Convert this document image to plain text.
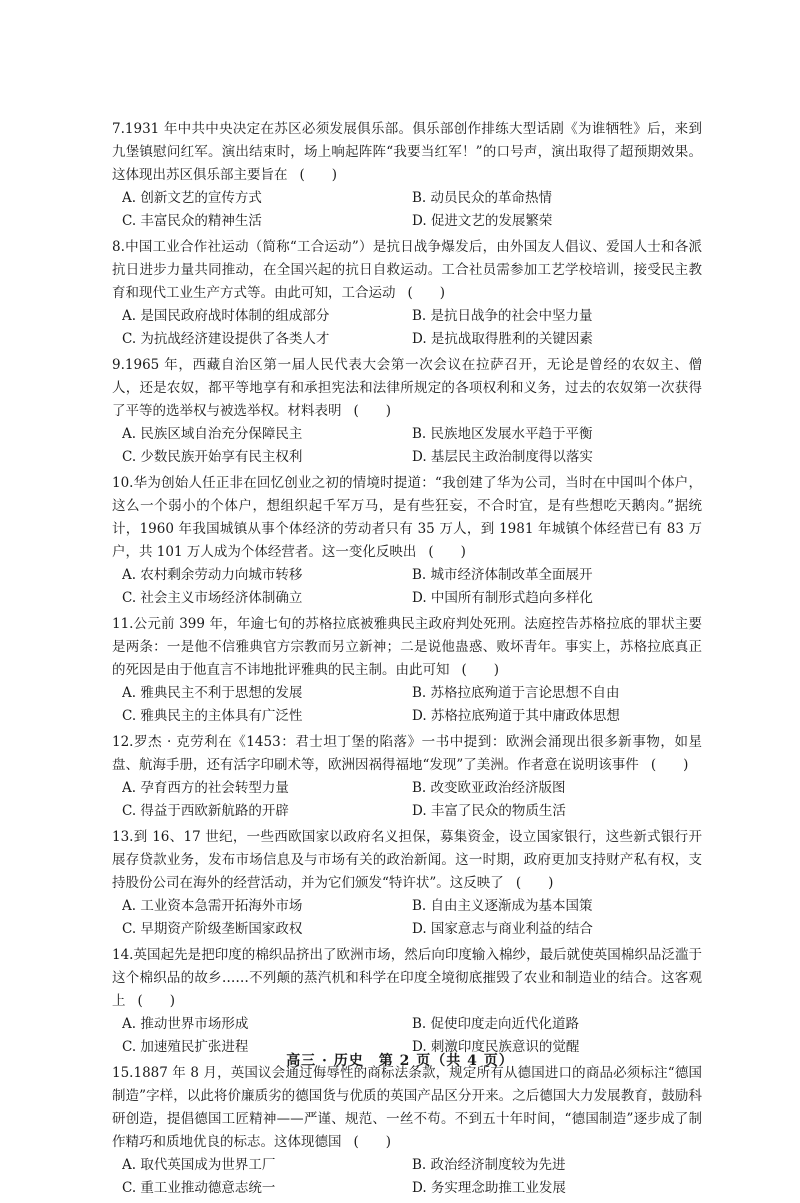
7.1931 年中共中央决定在苏区必须发展俱乐部。俱乐部创作排练大型话剧《为谁牺牲》后，来到九堡镇慰问红军。演出结束时，场上响起阵阵“我要当红军！”的口号声，演出取得了超预期效果。这体现出苏区俱乐部主要旨在 (　　)

A. 创新文艺的宣传方式	B. 动员民众的革命热情
C. 丰富民众的精神生活	D. 促进文艺的发展繁荣

8.中国工业合作社运动（简称“工合运动”）是抗日战争爆发后，由外国友人倡议、爱国人士和各派抗日进步力量共同推动，在全国兴起的抗日自救运动。工合社员需参加工艺学校培训，接受民主教育和现代工业生产方式等。由此可知，工合运动 (　　)

A. 是国民政府战时体制的组成部分	B. 是抗日战争的社会中坚力量
C. 为抗战经济建设提供了各类人才	D. 是抗战取得胜利的关键因素

9.1965 年，西藏自治区第一届人民代表大会第一次会议在拉萨召开，无论是曾经的农奴主、僧人，还是农奴，都平等地享有和承担宪法和法律所规定的各项权利和义务，过去的农奴第一次获得了平等的选举权与被选举权。材料表明 (　　)

A. 民族区域自治充分保障民主	B. 民族地区发展水平趋于平衡
C. 少数民族开始享有民主权利	D. 基层民主政治制度得以落实

10.华为创始人任正非在回忆创业之初的情境时提道：“我创建了华为公司，当时在中国叫个体户，这么一个弱小的个体户，想组织起千军万马，是有些狂妄，不合时宜，是有些想吃天鹅肉。”据统计，1960 年我国城镇从事个体经济的劳动者只有 35 万人，到 1981 年城镇个体经营已有 83 万户，共 101 万人成为个体经营者。这一变化反映出 (　　)

A. 农村剩余劳动力向城市转移	B. 城市经济体制改革全面展开
C. 社会主义市场经济体制确立	D. 中国所有制形式趋向多样化

11.公元前 399 年，年逾七旬的苏格拉底被雅典民主政府判处死刑。法庭控告苏格拉底的罪状主要是两条：一是他不信雅典官方宗教而另立新神；二是说他蛊惑、败坏青年。事实上，苏格拉底真正的死因是由于他直言不讳地批评雅典的民主制。由此可知 (　　)

A. 雅典民主不利于思想的发展	B. 苏格拉底殉道于言论思想不自由
C. 雅典民主的主体具有广泛性	D. 苏格拉底殉道于其中庸政体思想

12.罗杰 · 克劳利在《1453：君士坦丁堡的陷落》一书中提到：欧洲会涌现出很多新事物，如星盘、航海手册，还有活字印刷术等，欧洲因祸得福地“发现”了美洲。作者意在说明该事件 (　　)

A. 孕育西方的社会转型力量	B. 改变欧亚政治经济版图
C. 得益于西欧新航路的开辟	D. 丰富了民众的物质生活

13.到 16、17 世纪，一些西欧国家以政府名义担保，募集资金，设立国家银行，这些新式银行开展存贷款业务，发布市场信息及与市场有关的政治新闻。这一时期，政府更加支持财产私有权，支持股份公司在海外的经营活动，并为它们颁发“特许状”。这反映了 (　　)

A. 工业资本急需开拓海外市场	B. 自由主义逐渐成为基本国策
C. 早期资产阶级垄断国家政权	D. 国家意志与商业利益的结合

14.英国起先是把印度的棉织品挤出了欧洲市场，然后向印度输入棉纱，最后就使英国棉织品泛滥于这个棉织品的故乡……不列颠的蒸汽机和科学在印度全境彻底摧毁了农业和制造业的结合。这客观上 (　　)

A. 推动世界市场形成	B. 促使印度走向近代化道路
C. 加速殖民扩张进程	D. 刺激印度民族意识的觉醒

15.1887 年 8 月，英国议会通过侮辱性的商标法条款，规定所有从德国进口的商品必须标注“德国制造”字样，以此将价廉质劣的德国货与优质的英国产品区分开来。之后德国大力发展教育，鼓励科研创造，提倡德国工匠精神——严谨、规范、一丝不苟。不到五十年时间，“德国制造”逐步成了制作精巧和质地优良的标志。这体现德国 (　　)

A. 取代英国成为世界工厂	B. 政治经济制度较为先进
C. 重工业推动德意志统一	D. 务实理念助推工业发展
高三 · 历史　第 2 页（共 4 页）
